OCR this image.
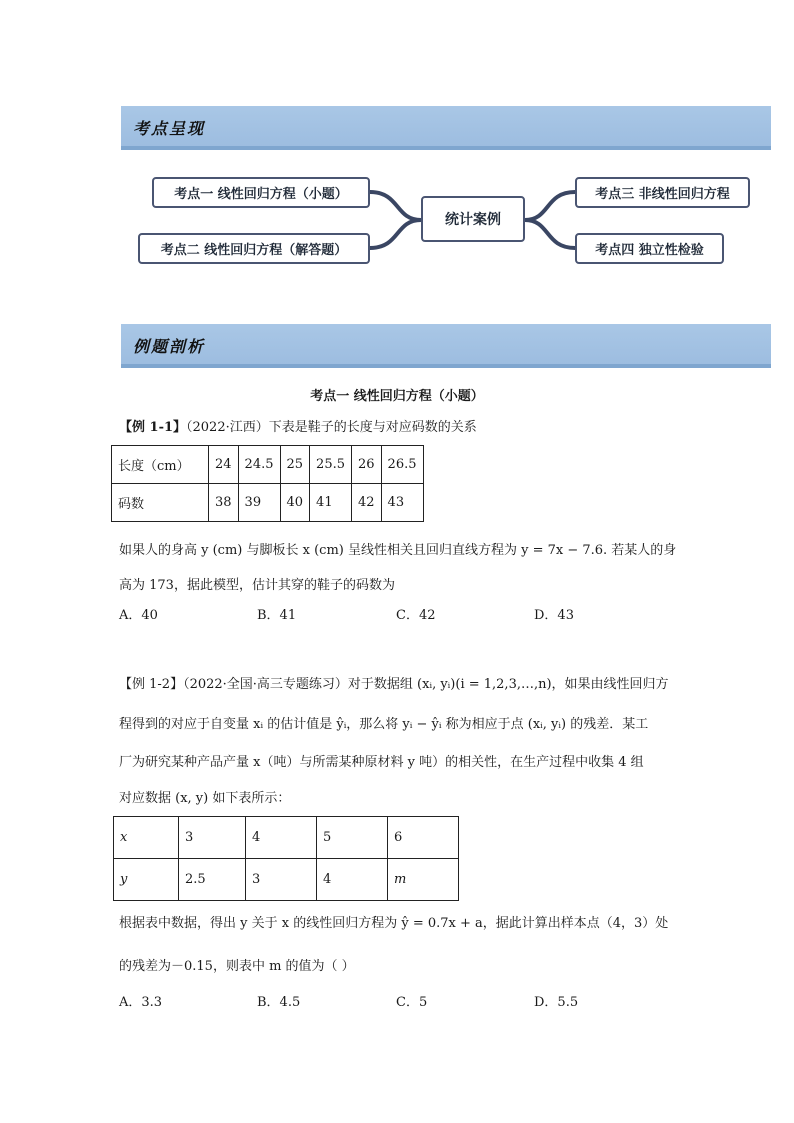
考点呈现
考点一 线性回归方程（小题）
考点二 线性回归方程（解答题）
统计案例
考点三 非线性回归方程
考点四 独立性检验
例题剖析
考点一 线性回归方程（小题）
【例 1-1】（2022·江西）下表是鞋子的长度与对应码数的关系
长度（cm）	24	24.5	25	25.5	26	26.5
码数	38	39	40	41	42	43
如果人的身高 y (cm) 与脚板长 x (cm) 呈线性相关且回归直线方程为 y = 7x − 7.6. 若某人的身
高为 173，据此模型，估计其穿的鞋子的码数为
A．40	B．41	C．42	D．43
【例 1-2】（2022·全国·高三专题练习）对于数据组 (xᵢ, yᵢ)(i = 1,2,3,…,n)，如果由线性回归方
程得到的对应于自变量 xᵢ 的估计值是 ŷᵢ，那么将 yᵢ − ŷᵢ 称为相应于点 (xᵢ, yᵢ) 的残差．某工
厂为研究某种产品产量 x（吨）与所需某种原材料 y 吨）的相关性，在生产过程中收集 4 组
对应数据 (x, y) 如下表所示：
x	3	4	5	6
y	2.5	3	4	m
根据表中数据，得出 y 关于 x 的线性回归方程为 ŷ = 0.7x + a，据此计算出样本点（4，3）处
的残差为－0.15，则表中 m 的值为（ ）
A．3.3	B．4.5	C．5	D．5.5
